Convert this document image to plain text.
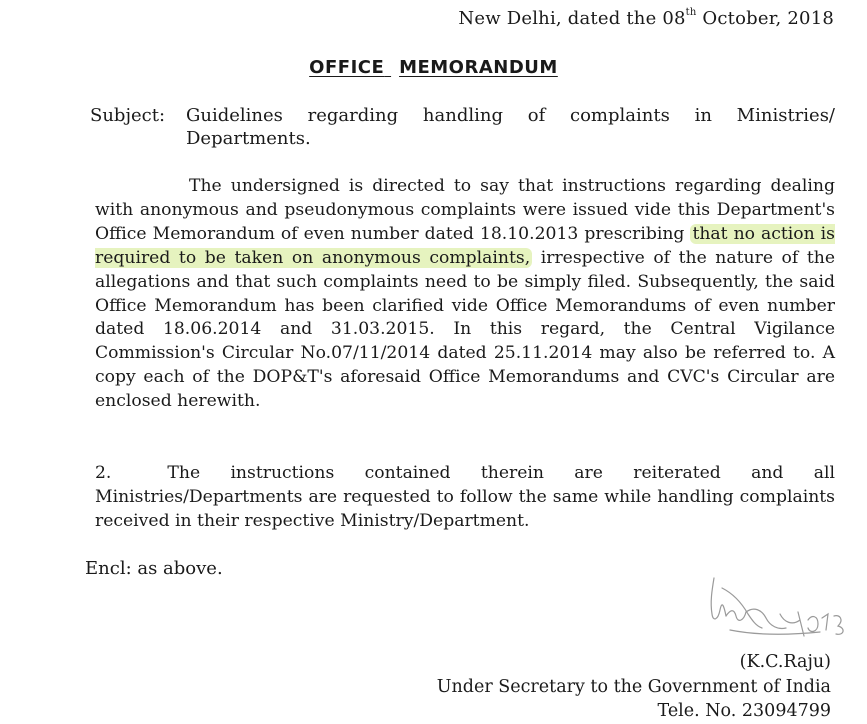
New Delhi, dated the 08th October, 2018
OFFICE MEMORANDUM
Subject:	Guidelines regarding handling of complaints in Ministries/ Departments.
The undersigned is directed to say that instructions regarding dealing with anonymous and pseudonymous complaints were issued vide this Department's Office Memorandum of even number dated 18.10.2013 prescribing that no action is required to be taken on anonymous complaints, irrespective of the nature of the allegations and that such complaints need to be simply filed. Subsequently, the said Office Memorandum has been clarified vide Office Memorandums of even number dated 18.06.2014 and 31.03.2015. In this regard, the Central Vigilance Commission's Circular No.07/11/2014 dated 25.11.2014 may also be referred to. A copy each of the DOP&T's aforesaid Office Memorandums and CVC's Circular are enclosed herewith.
2.	The instructions contained therein are reiterated and all Ministries/Departments are requested to follow the same while handling complaints received in their respective Ministry/Department.
Encl: as above.
(K.C.Raju)
Under Secretary to the Government of India
Tele. No. 23094799
